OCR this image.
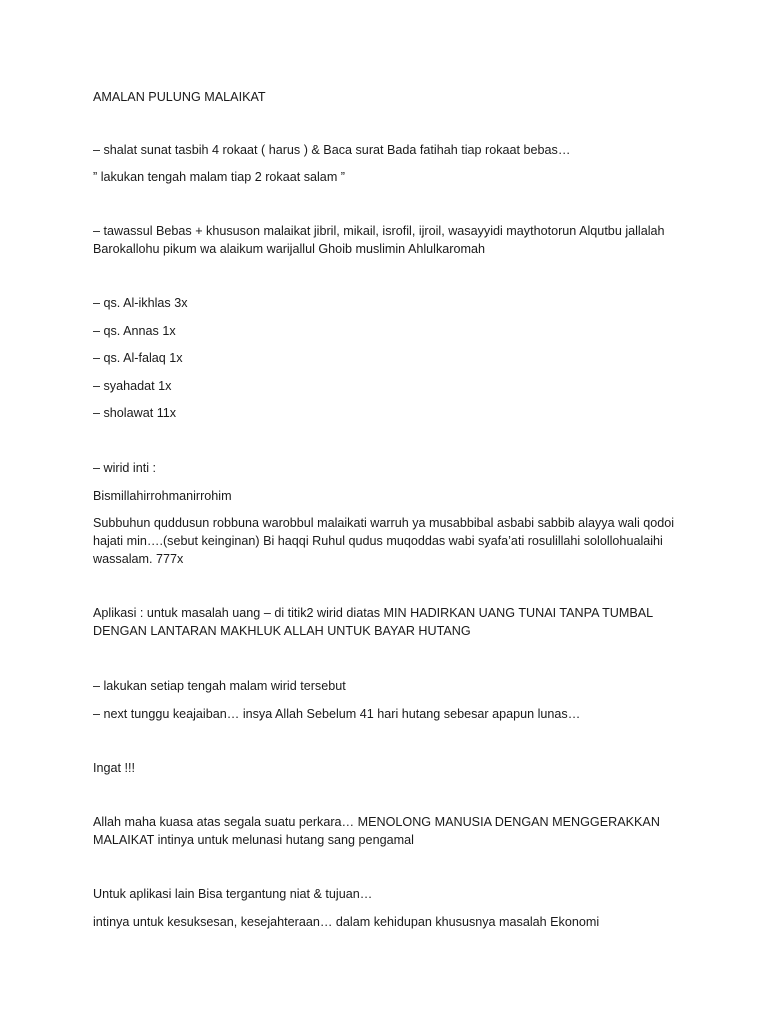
AMALAN PULUNG MALAIKAT

– shalat sunat tasbih 4 rokaat ( harus ) & Baca surat Bada fatihah tiap rokaat bebas…

” lakukan tengah malam tiap 2 rokaat salam ”

– tawassul Bebas + khususon malaikat jibril, mikail, isrofil, ijroil, wasayyidi maythotorun Alqutbu jallalah Barokallohu pikum wa alaikum warijallul Ghoib muslimin Ahlulkaromah

– qs. Al-ikhlas 3x

– qs. Annas 1x

– qs. Al-falaq 1x

– syahadat 1x

– sholawat 11x

– wirid inti :

Bismillahirrohmanirrohim

Subbuhun quddusun robbuna warobbul malaikati warruh ya musabbibal asbabi sabbib alayya wali qodoi hajati min….(sebut keinginan) Bi haqqi Ruhul qudus muqoddas wabi syafa’ati rosulillahi solollohualaihi wassalam. 777x

Aplikasi : untuk masalah uang – di titik2 wirid diatas MIN HADIRKAN UANG TUNAI TANPA TUMBAL DENGAN LANTARAN MAKHLUK ALLAH UNTUK BAYAR HUTANG

– lakukan setiap tengah malam wirid tersebut

– next tunggu keajaiban… insya Allah Sebelum 41 hari hutang sebesar apapun lunas…

Ingat !!!

Allah maha kuasa atas segala suatu perkara… MENOLONG MANUSIA DENGAN MENGGERAKKAN MALAIKAT intinya untuk melunasi hutang sang pengamal

Untuk aplikasi lain Bisa tergantung niat & tujuan…

intinya untuk kesuksesan, kesejahteraan… dalam kehidupan khususnya masalah Ekonomi
